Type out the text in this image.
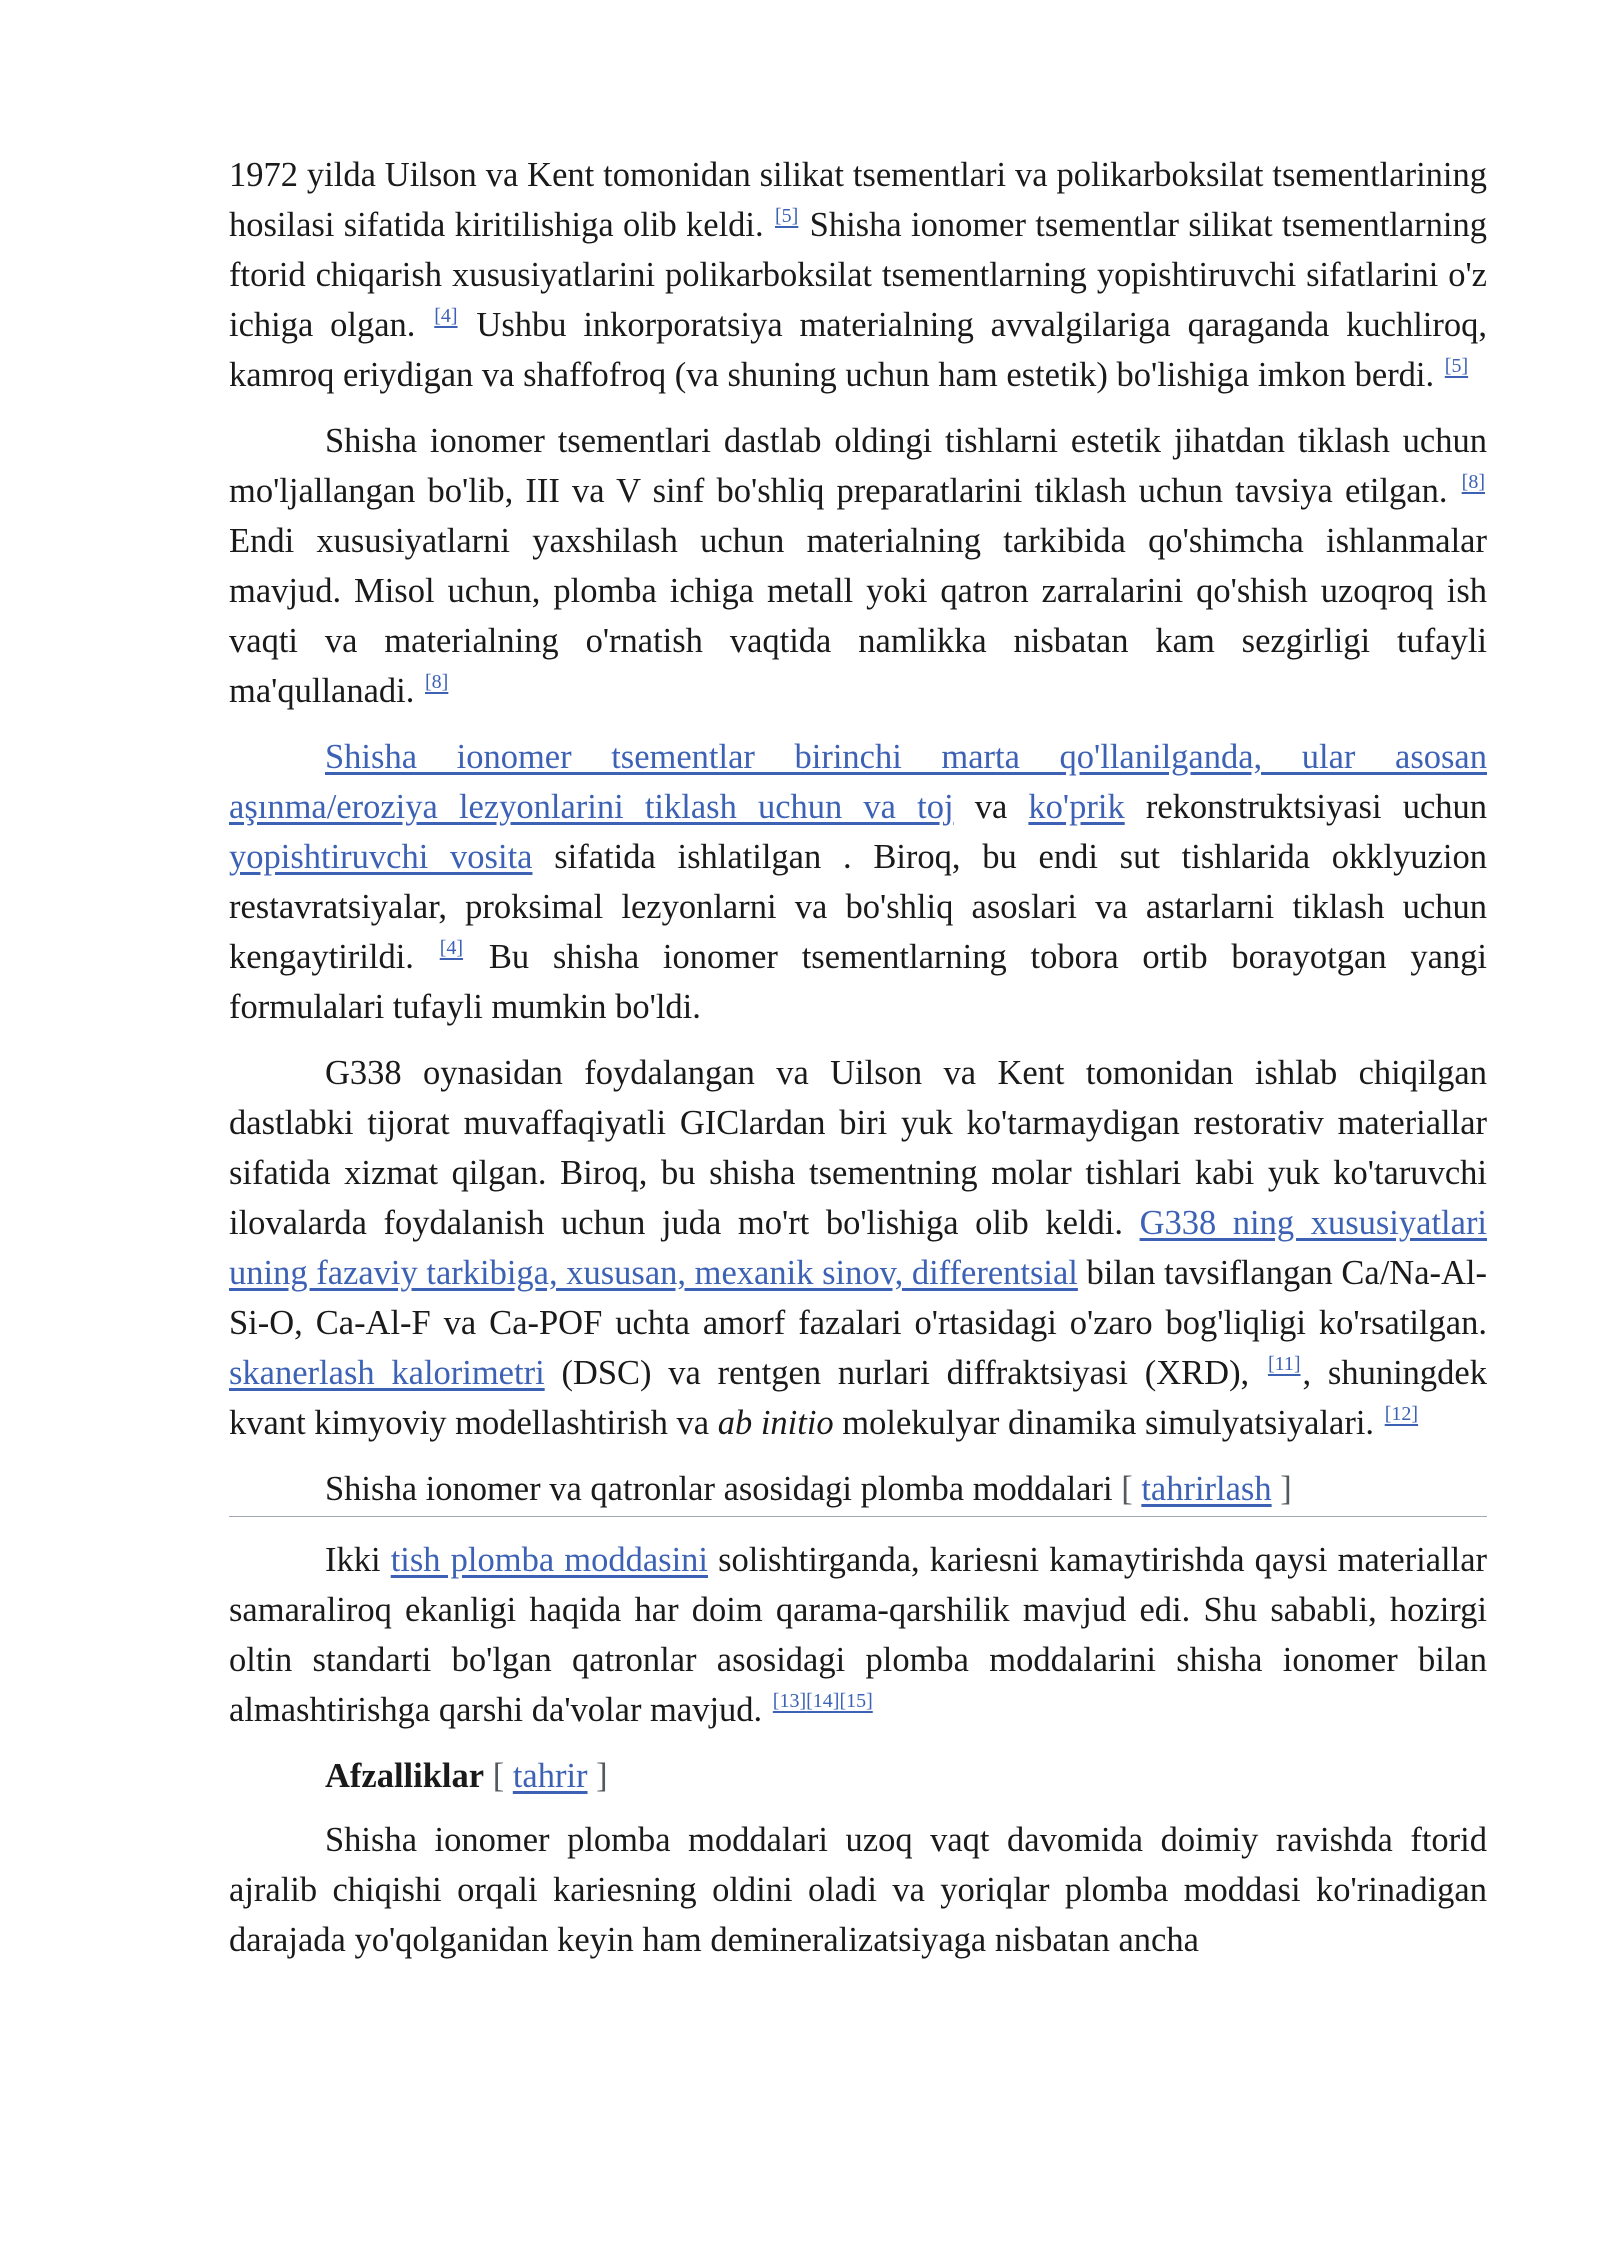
1972 yilda Uilson va Kent tomonidan silikat tsementlari va polikarboksilat tsementlarining hosilasi sifatida kiritilishiga olib keldi. [5] Shisha ionomer tsementlar silikat tsementlarning ftorid chiqarish xususiyatlarini polikarboksilat tsementlarning yopishtiruvchi sifatlarini o'z ichiga olgan. [4] Ushbu inkorporatsiya materialning avvalgilariga qaraganda kuchliroq, kamroq eriydigan va shaffofroq (va shuning uchun ham estetik) bo'lishiga imkon berdi. [5]

Shisha ionomer tsementlari dastlab oldingi tishlarni estetik jihatdan tiklash uchun mo'ljallangan bo'lib, III va V sinf bo'shliq preparatlarini tiklash uchun tavsiya etilgan. [8] Endi xususiyatlarni yaxshilash uchun materialning tarkibida qo'shimcha ishlanmalar mavjud. Misol uchun, plomba ichiga metall yoki qatron zarralarini qo'shish uzoqroq ish vaqti va materialning o'rnatish vaqtida namlikka nisbatan kam sezgirligi tufayli ma'qullanadi. [8]

Shisha ionomer tsementlar birinchi marta qo'llanilganda, ular asosan aşınma/eroziya lezyonlarini tiklash uchun va toj va ko'prik rekonstruktsiyasi uchun yopishtiruvchi vosita sifatida ishlatilgan . Biroq, bu endi sut tishlarida okklyuzion restavratsiyalar, proksimal lezyonlarni va bo'shliq asoslari va astarlarni tiklash uchun kengaytirildi. [4] Bu shisha ionomer tsementlarning tobora ortib borayotgan yangi formulalari tufayli mumkin bo'ldi.

G338 oynasidan foydalangan va Uilson va Kent tomonidan ishlab chiqilgan dastlabki tijorat muvaffaqiyatli GIClardan biri yuk ko'tarmaydigan restorativ materiallar sifatida xizmat qilgan. Biroq, bu shisha tsementning molar tishlari kabi yuk ko'taruvchi ilovalarda foydalanish uchun juda mo'rt bo'lishiga olib keldi. G338 ning xususiyatlari uning fazaviy tarkibiga, xususan, mexanik sinov, differentsial bilan tavsiflangan Ca/Na-Al-Si-O, Ca-Al-F va Ca-POF uchta amorf fazalari o'rtasidagi o'zaro bog'liqligi ko'rsatilgan. skanerlash kalorimetri (DSC) va rentgen nurlari diffraktsiyasi (XRD), [11], shuningdek kvant kimyoviy modellashtirish va ab initio molekulyar dinamika simulyatsiyalari. [12]

Shisha ionomer va qatronlar asosidagi plomba moddalari [ tahrirlash ]

Ikki tish plomba moddasini solishtirganda, kariesni kamaytirishda qaysi materiallar samaraliroq ekanligi haqida har doim qarama-qarshilik mavjud edi. Shu sababli, hozirgi oltin standarti bo'lgan qatronlar asosidagi plomba moddalarini shisha ionomer bilan almashtirishga qarshi da'volar mavjud. [13][14][15]

Afzalliklar [ tahrir ]

Shisha ionomer plomba moddalari uzoq vaqt davomida doimiy ravishda ftorid ajralib chiqishi orqali kariesning oldini oladi va yoriqlar plomba moddasi ko'rinadigan darajada yo'qolganidan keyin ham demineralizatsiyaga nisbatan ancha
